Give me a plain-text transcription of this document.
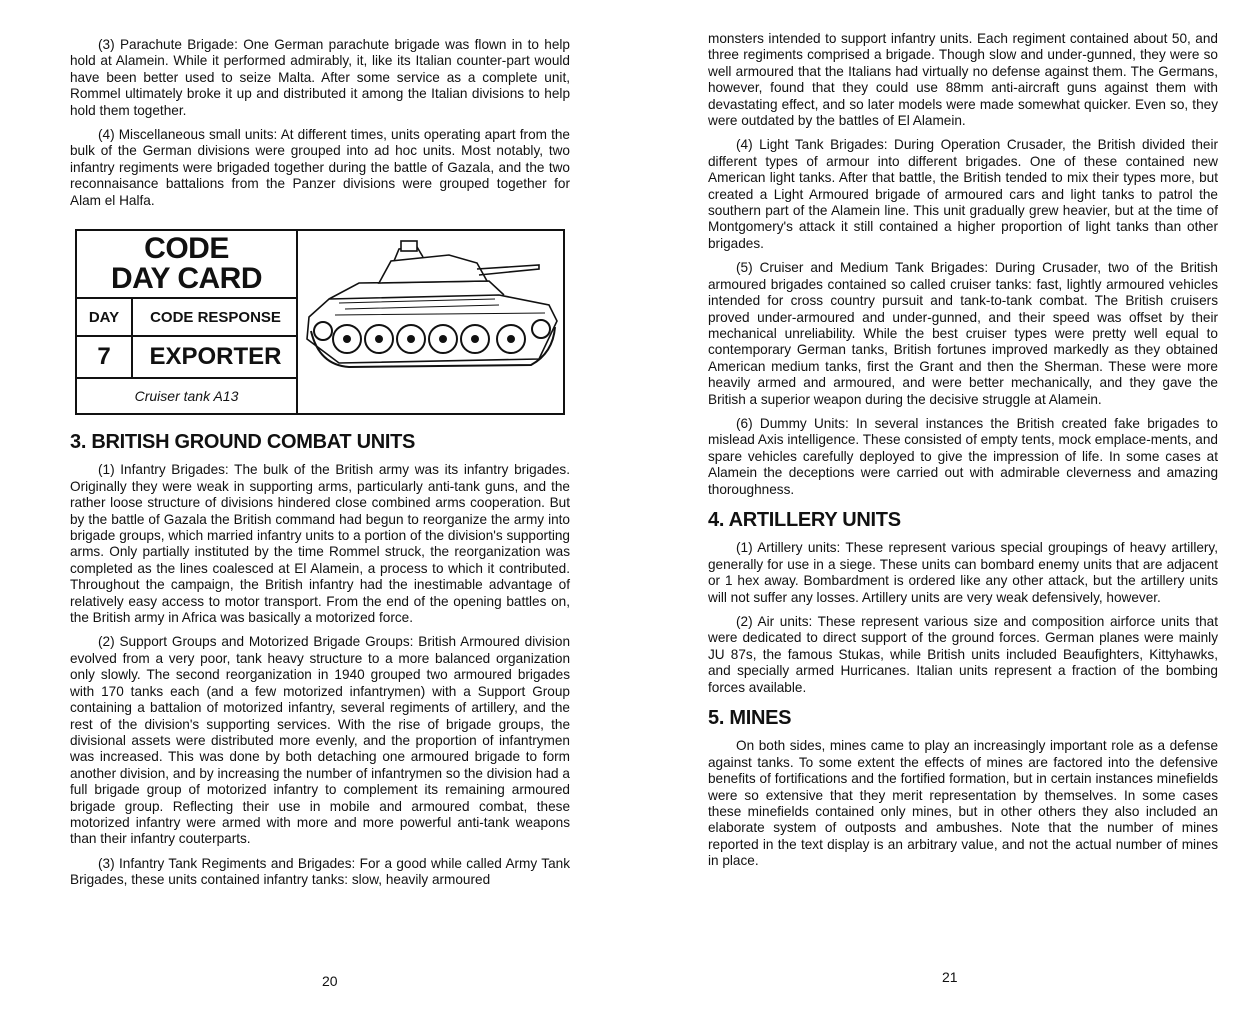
(3) Parachute Brigade: One German parachute brigade was flown in to help hold at Alamein. While it performed admirably, it, like its Italian counter-part would have been better used to seize Malta. After some service as a complete unit, Rommel ultimately broke it up and distributed it among the Italian divisions to help hold them together.

(4) Miscellaneous small units: At different times, units operating apart from the bulk of the German divisions were grouped into ad hoc units. Most notably, two infantry regiments were brigaded together during the battle of Gazala, and the two reconnaisance battalions from the Panzer divisions were grouped together for Alam el Halfa.

CODE
DAY CARD
DAY	CODE RESPONSE
7	EXPORTER
Cruiser tank A13
3. BRITISH GROUND COMBAT UNITS

(1) Infantry Brigades: The bulk of the British army was its infantry brigades. Originally they were weak in supporting arms, particularly anti-tank guns, and the rather loose structure of divisions hindered close combined arms cooperation. But by the battle of Gazala the British command had begun to reorganize the army into brigade groups, which married infantry units to a portion of the division's supporting arms. Only partially instituted by the time Rommel struck, the reorganization was completed as the lines coalesced at El Alamein, a process to which it contributed. Throughout the campaign, the British infantry had the inestimable advantage of relatively easy access to motor transport. From the end of the opening battles on, the British army in Africa was basically a motorized force.

(2) Support Groups and Motorized Brigade Groups: British Armoured division evolved from a very poor, tank heavy structure to a more balanced organization only slowly. The second reorganization in 1940 grouped two armoured brigades with 170 tanks each (and a few motorized infantrymen) with a Support Group containing a battalion of motorized infantry, several regiments of artillery, and the rest of the division's supporting services. With the rise of brigade groups, the divisional assets were distributed more evenly, and the proportion of infantrymen was increased. This was done by both detaching one armoured brigade to form another division, and by increasing the number of infantrymen so the division had a full brigade group of motorized infantry to complement its remaining armoured brigade group. Reflecting their use in mobile and armoured combat, these motorized infantry were armed with more and more powerful anti-tank weapons than their infantry couterparts.

(3) Infantry Tank Regiments and Brigades: For a good while called Army Tank Brigades, these units contained infantry tanks: slow, heavily armoured

20

monsters intended to support infantry units. Each regiment contained about 50, and three regiments comprised a brigade. Though slow and under-gunned, they were so well armoured that the Italians had virtually no defense against them. The Germans, however, found that they could use 88mm anti-aircraft guns against them with devastating effect, and so later models were made somewhat quicker. Even so, they were outdated by the battles of El Alamein.

(4) Light Tank Brigades: During Operation Crusader, the British divided their different types of armour into different brigades. One of these contained new American light tanks. After that battle, the British tended to mix their types more, but created a Light Armoured brigade of armoured cars and light tanks to patrol the southern part of the Alamein line. This unit gradually grew heavier, but at the time of Montgomery's attack it still contained a higher proportion of light tanks than other brigades.

(5) Cruiser and Medium Tank Brigades: During Crusader, two of the British armoured brigades contained so called cruiser tanks: fast, lightly armoured vehicles intended for cross country pursuit and tank-to-tank combat. The British cruisers proved under-armoured and under-gunned, and their speed was offset by their mechanical unreliability. While the best cruiser types were pretty well equal to contemporary German tanks, British fortunes improved markedly as they obtained American medium tanks, first the Grant and then the Sherman. These were more heavily armed and armoured, and were better mechanically, and they gave the British a superior weapon during the decisive struggle at Alamein.

(6) Dummy Units: In several instances the British created fake brigades to mislead Axis intelligence. These consisted of empty tents, mock emplace-ments, and spare vehicles carefully deployed to give the impression of life. In some cases at Alamein the deceptions were carried out with admirable cleverness and amazing thoroughness.

4. ARTILLERY UNITS

(1) Artillery units: These represent various special groupings of heavy artillery, generally for use in a siege. These units can bombard enemy units that are adjacent or 1 hex away. Bombardment is ordered like any other attack, but the artillery units will not suffer any losses. Artillery units are very weak defensively, however.

(2) Air units: These represent various size and composition airforce units that were dedicated to direct support of the ground forces. German planes were mainly JU 87s, the famous Stukas, while British units included Beaufighters, Kittyhawks, and specially armed Hurricanes. Italian units represent a fraction of the bombing forces available.

5. MINES

On both sides, mines came to play an increasingly important role as a defense against tanks. To some extent the effects of mines are factored into the defensive benefits of fortifications and the fortified formation, but in certain instances minefields were so extensive that they merit representation by themselves. In some cases these minefields contained only mines, but in other others they also included an elaborate system of outposts and ambushes. Note that the number of mines reported in the text display is an arbitrary value, and not the actual number of mines in place.

21
